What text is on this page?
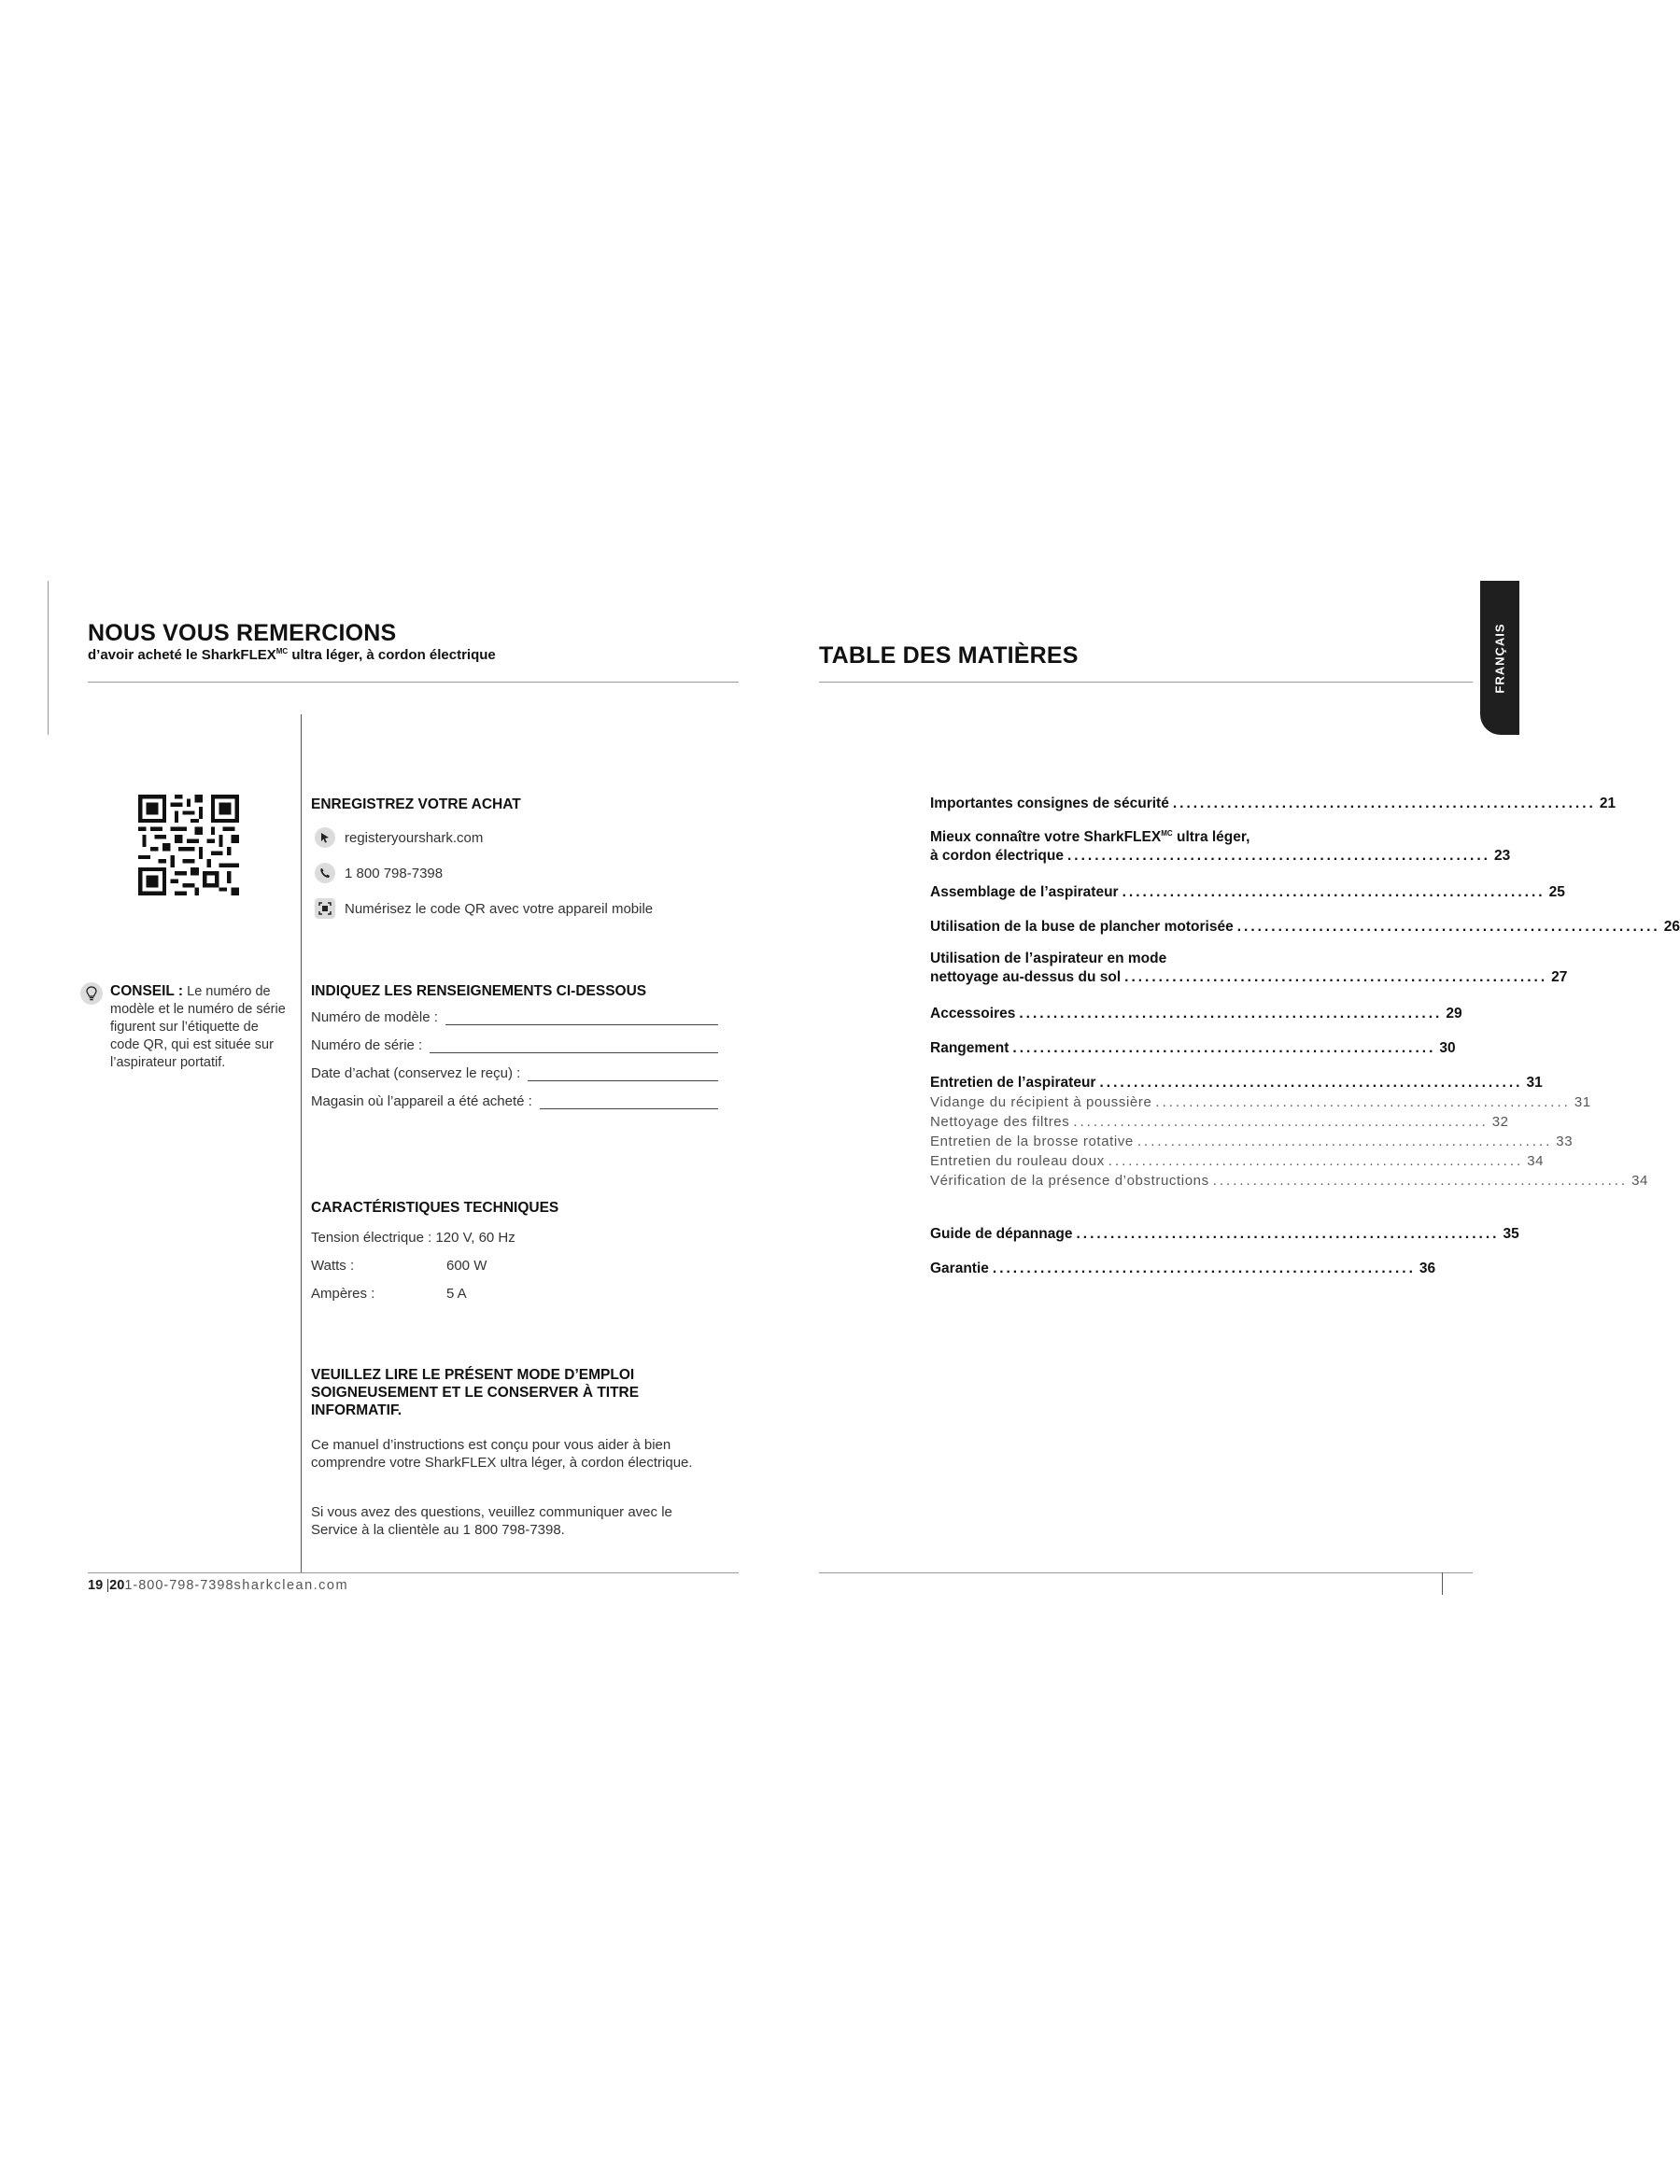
NOUS VOUS REMERCIONS
d’avoir acheté le SharkFLEX$^{MC}$ ultra léger, à cordon électrique
ENREGISTREZ VOTRE ACHAT
registeryourshark.com
1 800 798-7398
Numérisez le code QR avec votre appareil mobile
CONSEIL : Le numéro de modèle et le numéro de série figurent sur l’étiquette de code QR, qui est située sur l’aspirateur portatif.
INDIQUEZ LES RENSEIGNEMENTS CI-DESSOUS
Numéro de modèle :
Numéro de série :
Date d’achat (conservez le reçu) :
Magasin où l’appareil a été acheté :
CARACTÉRISTIQUES TECHNIQUES
Tension électrique : 120 V, 60 Hz
Watts :	600 W
Ampères :	5 A
VEUILLEZ LIRE LE PRÉSENT MODE D’EMPLOI SOIGNEUSEMENT ET LE CONSERVER À TITRE INFORMATIF.
Ce manuel d’instructions est conçu pour vous aider à bien comprendre votre SharkFLEX ultra léger, à cordon électrique.
Si vous avez des questions, veuillez communiquer avec le Service à la clientèle au 1 800 798-7398.
19 201-800-798-7398sharkclean.com
TABLE DES MATIÈRES	FRANÇAIS
Importantes consignes de sécurité .............................................................. 21
Mieux connaître votre SharkFLEX$^{MC}$ ultra léger,
à cordon électrique .............................................................. 23
Assemblage de l’aspirateur .............................................................. 25
Utilisation de la buse de plancher motorisée .............................................................. 26
Utilisation de l’aspirateur en mode
nettoyage au-dessus du sol .............................................................. 27
Accessoires .............................................................. 29
Rangement .............................................................. 30
Entretien de l’aspirateur .............................................................. 31
Vidange du récipient à poussière .............................................................. 31
Nettoyage des filtres .............................................................. 32
Entretien de la brosse rotative .............................................................. 33
Entretien du rouleau doux .............................................................. 34
Vérification de la présence d’obstructions .............................................................. 34
Guide de dépannage .............................................................. 35
Garantie .............................................................. 36
